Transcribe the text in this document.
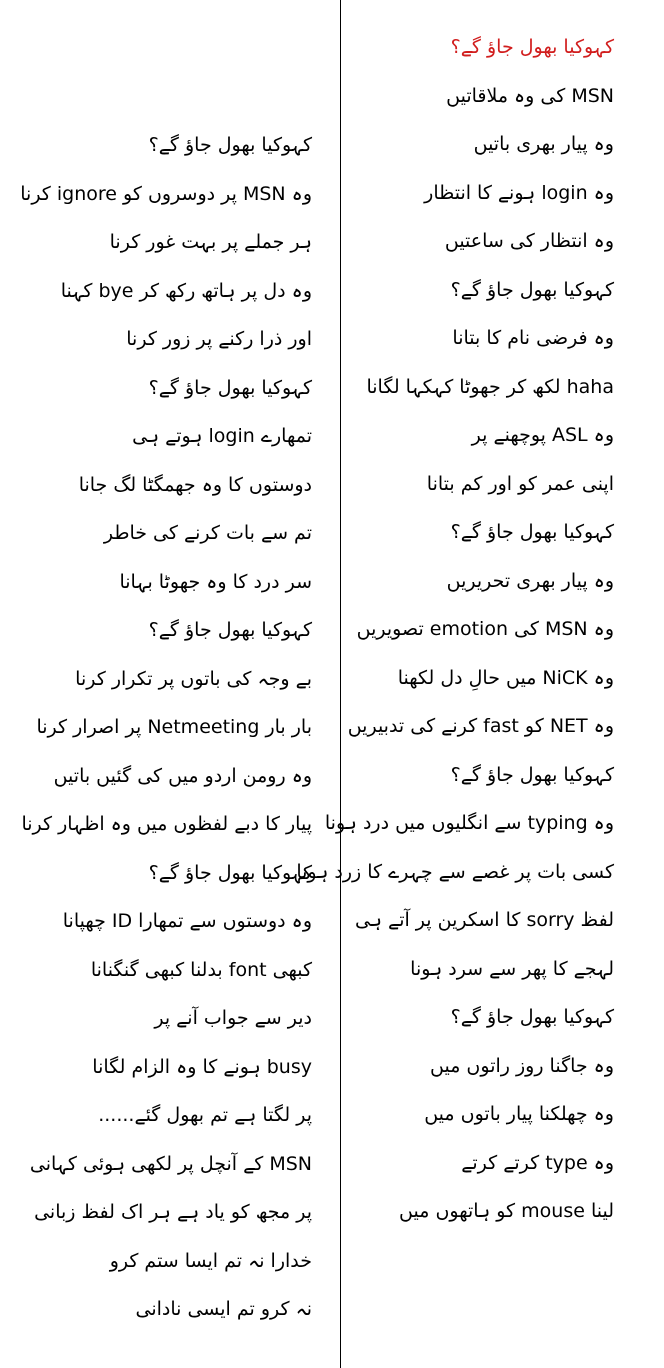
کہوکیا بھول جاؤ گے؟
MSN کی وہ ملاقاتیں
وہ پیار بھری باتیں
وہ login ہونے کا انتظار
وہ انتظار کی ساعتیں
کہوکیا بھول جاؤ گے؟
وہ فرضی نام کا بتانا
haha لکھ کر جھوٹا کہکہا لگانا
وہ ASL پوچھنے پر
اپنی عمر کو اور کم بتانا
کہوکیا بھول جاؤ گے؟
وہ پیار بھری تحریریں
وہ MSN کی emotion تصویریں
وہ NiCK میں حالِ دل لکھنا
وہ NET کو fast کرنے کی تدبیریں
کہوکیا بھول جاؤ گے؟
وہ typing سے انگلیوں میں درد ہونا
کسی بات پر غصے سے چہرے کا زرد ہونا
لفظ sorry کا اسکرین پر آتے ہی
لہجے کا پھر سے سرد ہونا
کہوکیا بھول جاؤ گے؟
وہ جاگنا روز راتوں میں
وہ چھلکنا پیار باتوں میں
وہ type کرتے کرتے
لینا mouse کو ہاتھوں میں
کہوکیا بھول جاؤ گے؟
وہ MSN پر دوسروں کو ignore کرنا
ہر جملے پر بہت غور کرنا
وہ دل پر ہاتھ رکھ کر bye کہنا
اور ذرا رکنے پر زور کرنا
کہوکیا بھول جاؤ گے؟
تمھارے login ہوتے ہی
دوستوں کا وہ جھمگٹا لگ جانا
تم سے بات کرنے کی خاطر
سر درد کا وہ جھوٹا بہانا
کہوکیا بھول جاؤ گے؟
بے وجہ کی باتوں پر تکرار کرنا
بار بار Netmeeting پر اصرار کرنا
وہ رومن اردو میں کی گئیں باتیں
پیار کا دبے لفظوں میں وہ اظہار کرنا
کہوکیا بھول جاؤ گے؟
وہ دوستوں سے تمھارا ID چھپانا
کبھی font بدلنا کبھی گنگنانا
دیر سے جواب آنے پر
busy ہونے کا وہ الزام لگانا
پر لگتا ہے تم بھول گئے......
MSN کے آنچل پر لکھی ہوئی کہانی
پر مجھ کو یاد ہے ہر اک لفظ زبانی
خدارا نہ تم ایسا ستم کرو
نہ کرو تم ایسی نادانی
